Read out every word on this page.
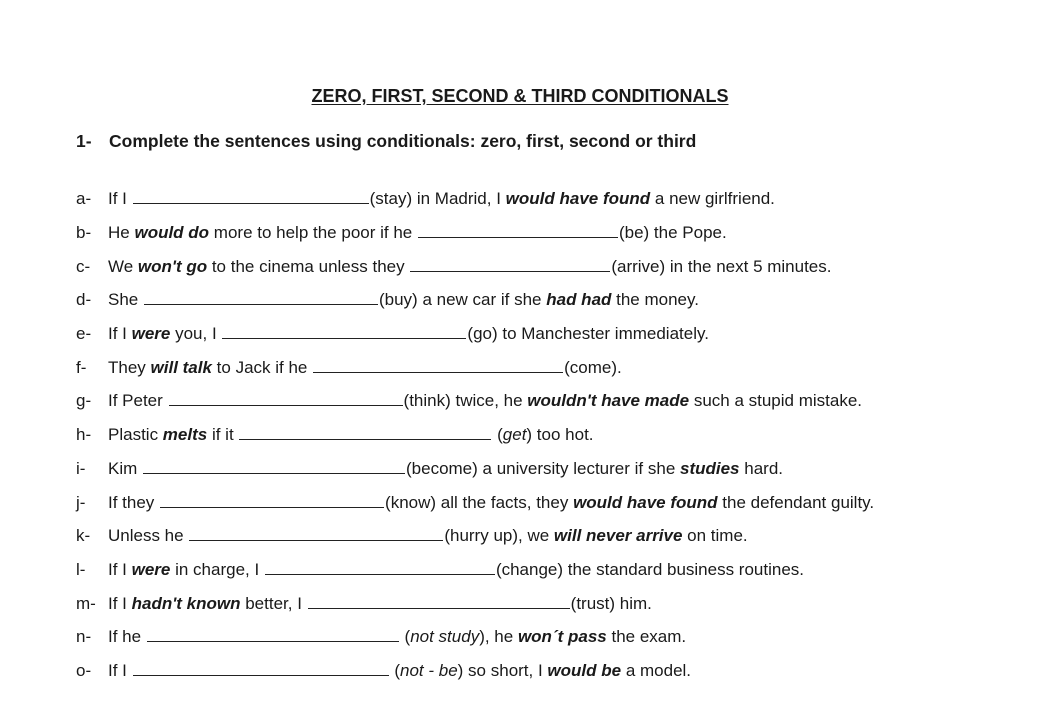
ZERO, FIRST, SECOND & THIRD CONDITIONALS
1- Complete the sentences using conditionals: zero, first, second or third
a- If I	(stay) in Madrid, I would have found a new girlfriend.
b- He would do more to help the poor if he	(be) the Pope.
c- We won't go to the cinema unless they	(arrive) in the next 5 minutes.
d- She	(buy) a new car if she had had the money.
e- If I were you, I	(go) to Manchester immediately.
f- They will talk to Jack if he	(come).
g- If Peter	(think) twice, he wouldn't have made such a stupid mistake.
h- Plastic melts if it	(get) too hot.
i- Kim	(become) a university lecturer if she studies hard.
j- If they	(know) all the facts, they would have found the defendant guilty.
k- Unless he	(hurry up), we will never arrive on time.
l- If I were in charge, I	(change) the standard business routines.
m- If I hadn't known better, I	(trust) him.
n- If he	(not study), he won´t pass the exam.
o- If I	(not - be) so short, I would be a model.
